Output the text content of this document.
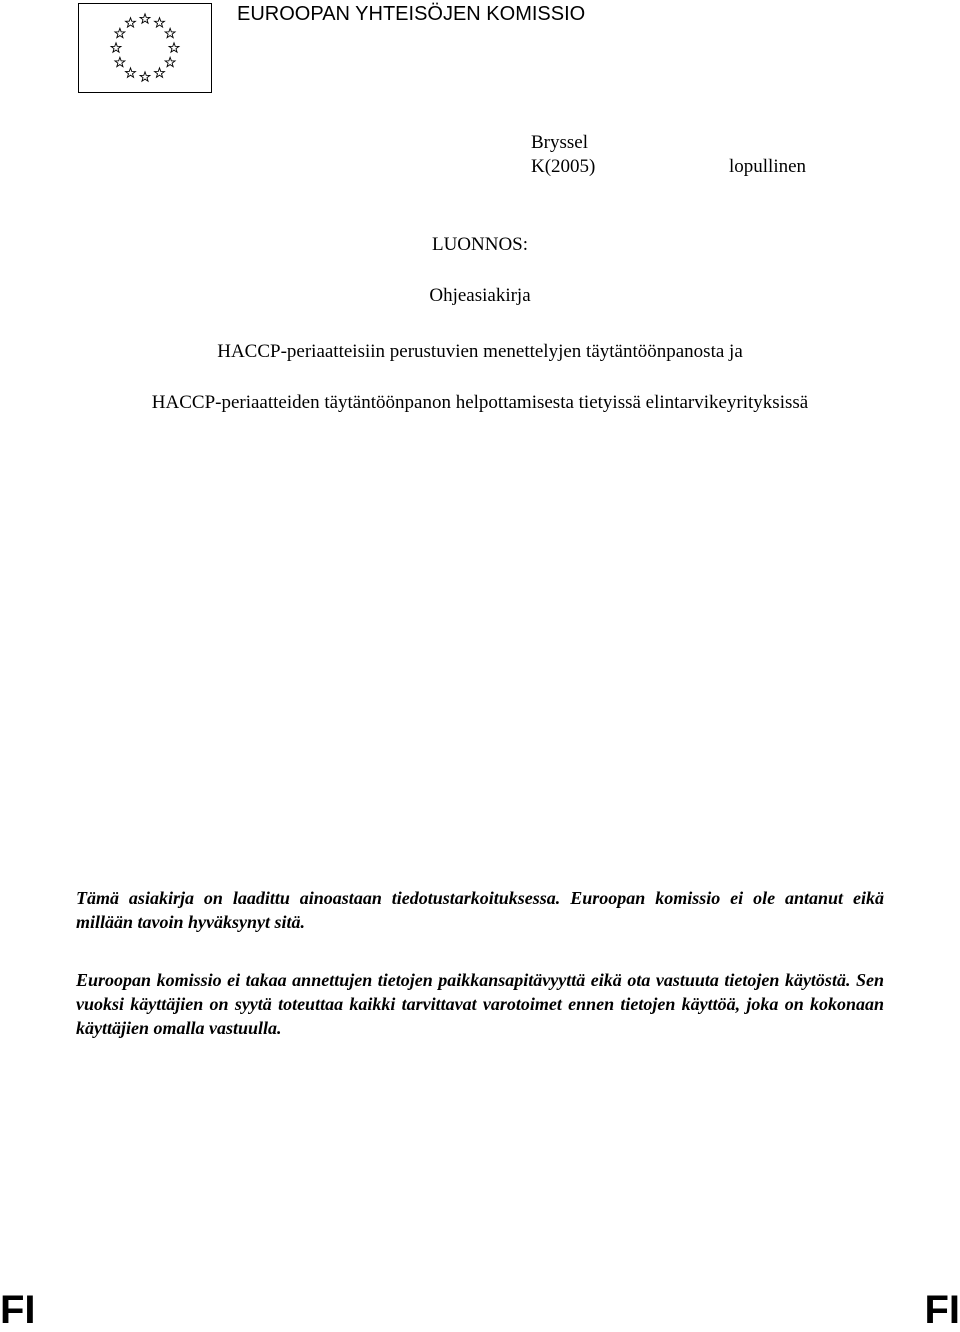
EUROOPAN YHTEISÖJEN KOMISSIO
Bryssel
K(2005)	lopullinen
LUONNOS:
Ohjeasiakirja
HACCP-periaatteisiin perustuvien menettelyjen täytäntöönpanosta ja
HACCP-periaatteiden täytäntöönpanon helpottamisesta tietyissä elintarvikeyrityksissä

Tämä asiakirja on laadittu ainoastaan tiedotustarkoituksessa. Euroopan komissio ei ole antanut eikä millään tavoin hyväksynyt sitä.

Euroopan komissio ei takaa annettujen tietojen paikkansapitävyyttä eikä ota vastuuta tietojen käytöstä. Sen vuoksi käyttäjien on syytä toteuttaa kaikki tarvittavat varotoimet ennen tietojen käyttöä, joka on kokonaan käyttäjien omalla vastuulla.

FI	FI
